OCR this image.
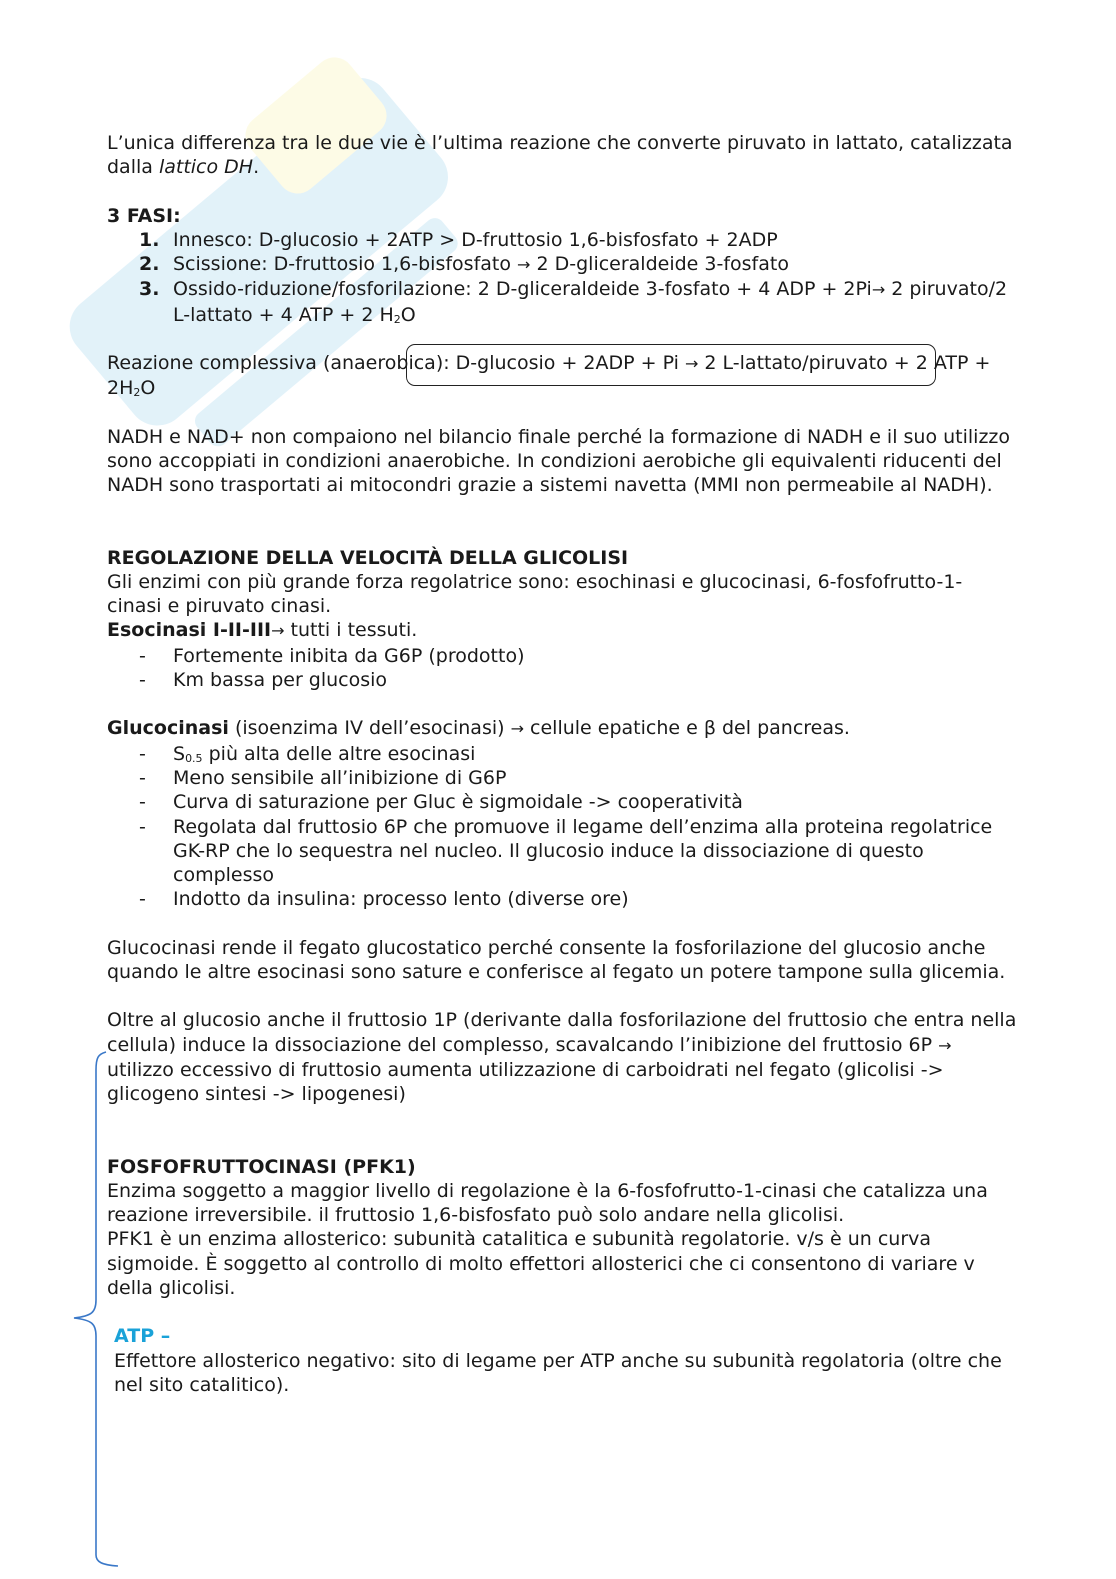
L’unica differenza tra le due vie è l’ultima reazione che converte piruvato in lattato, catalizzata dalla lattico DH.

3 FASI:

1. Innesco: D-glucosio + 2ATP > D-fruttosio 1,6-bisfosfato + 2ADP
2. Scissione: D-fruttosio 1,6-bisfosfato → 2 D-gliceraldeide 3-fosfato
3. Ossido-riduzione/fosforilazione: 2 D-gliceraldeide 3-fosfato + 4 ADP + 2Pi→ 2 piruvato/2 L-lattato + 4 ATP + 2 $H_2O$

Reazione complessiva (anaerobica): D-glucosio + 2ADP + Pi → 2 L-lattato/piruvato + 2 ATP + $2H_2O$

NADH e NAD+ non compaiono nel bilancio finale perché la formazione di NADH e il suo utilizzo sono accoppiati in condizioni anaerobiche. In condizioni aerobiche gli equivalenti riducenti del NADH sono trasportati ai mitocondri grazie a sistemi navetta (MMI non permeabile al NADH).

REGOLAZIONE DELLA VELOCITÀ DELLA GLICOLISI

Gli enzimi con più grande forza regolatrice sono: esochinasi e glucocinasi, 6-fosfofrutto-1- cinasi e piruvato cinasi.

Esocinasi I-II-III→ tutti i tessuti.

- Fortemente inibita da G6P (prodotto)
- Km bassa per glucosio

Glucocinasi (isoenzima IV dell’esocinasi) → cellule epatiche e β del pancreas.

- $S_{0.5}$ più alta delle altre esocinasi
- Meno sensibile all’inibizione di G6P
- Curva di saturazione per Gluc è sigmoidale -> cooperatività
- Regolata dal fruttosio 6P che promuove il legame dell’enzima alla proteina regolatrice GK-RP che lo sequestra nel nucleo. Il glucosio induce la dissociazione di questo complesso
- Indotto da insulina: processo lento (diverse ore)

Glucocinasi rende il fegato glucostatico perché consente la fosforilazione del glucosio anche quando le altre esocinasi sono sature e conferisce al fegato un potere tampone sulla glicemia.

Oltre al glucosio anche il fruttosio 1P (derivante dalla fosforilazione del fruttosio che entra nella cellula) induce la dissociazione del complesso, scavalcando l’inibizione del fruttosio 6P → utilizzo eccessivo di fruttosio aumenta utilizzazione di carboidrati nel fegato (glicolisi -> glicogeno sintesi -> lipogenesi)

FOSFOFRUTTOCINASI (PFK1)

Enzima soggetto a maggior livello di regolazione è la 6-fosfofrutto-1-cinasi che catalizza una reazione irreversibile. il fruttosio 1,6-bisfosfato può solo andare nella glicolisi.

PFK1 è un enzima allosterico: subunità catalitica e subunità regolatorie. v/s è un curva sigmoide. È soggetto al controllo di molto effettori allosterici che ci consentono di variare v della glicolisi.

ATP –

Effettore allosterico negativo: sito di legame per ATP anche su subunità regolatoria (oltre che nel sito catalitico).
